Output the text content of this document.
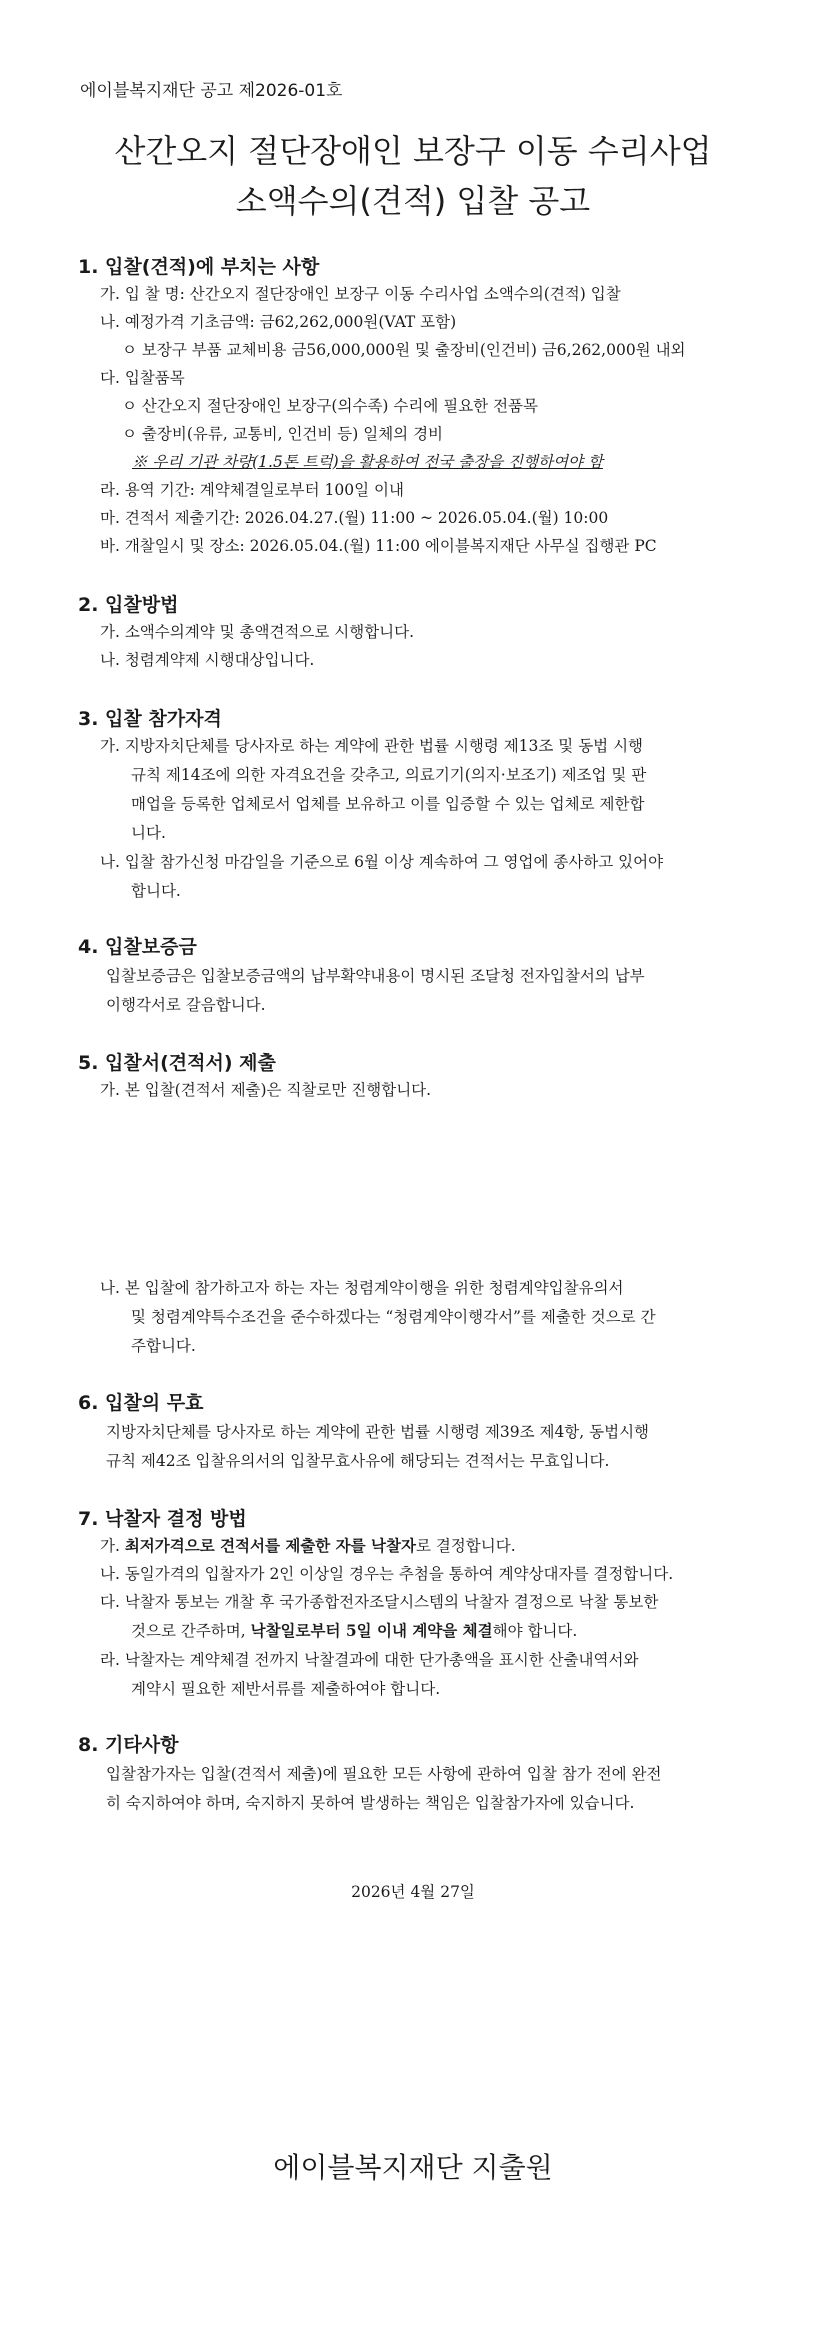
에이블복지재단 공고 제2026-01호
산간오지 절단장애인 보장구 이동 수리사업
소액수의(견적) 입찰 공고
1. 입찰(견적)에 부치는 사항
가. 입 찰 명: 산간오지 절단장애인 보장구 이동 수리사업 소액수의(견적) 입찰
나. 예정가격 기초금액: 금62,262,000원(VAT 포함)
ㅇ 보장구 부품 교체비용 금56,000,000원 및 출장비(인건비) 금6,262,000원 내외
다. 입찰품목
ㅇ 산간오지 절단장애인 보장구(의수족) 수리에 필요한 전품목
ㅇ 출장비(유류, 교통비, 인건비 등) 일체의 경비
※ 우리 기관 차량(1.5톤 트럭)을 활용하여 전국 출장을 진행하여야 함
라. 용역 기간: 계약체결일로부터 100일 이내
마. 견적서 제출기간: 2026.04.27.(월) 11:00 ~ 2026.05.04.(월) 10:00
바. 개찰일시 및 장소: 2026.05.04.(월) 11:00 에이블복지재단 사무실 집행관 PC
2. 입찰방법
가. 소액수의계약 및 총액견적으로 시행합니다.
나. 청렴계약제 시행대상입니다.
3. 입찰 참가자격
가. 지방자치단체를 당사자로 하는 계약에 관한 법률 시행령 제13조 및 동법 시행
규칙 제14조에 의한 자격요건을 갖추고, 의료기기(의지·보조기) 제조업 및 판
매업을 등록한 업체로서 업체를 보유하고 이를 입증할 수 있는 업체로 제한합
니다.
나. 입찰 참가신청 마감일을 기준으로 6월 이상 계속하여 그 영업에 종사하고 있어야
합니다.
4. 입찰보증금
입찰보증금은 입찰보증금액의 납부확약내용이 명시된 조달청 전자입찰서의 납부
이행각서로 갈음합니다.
5. 입찰서(견적서) 제출
가. 본 입찰(견적서 제출)은 직찰로만 진행합니다.
나. 본 입찰에 참가하고자 하는 자는 청렴계약이행을 위한 청렴계약입찰유의서
및 청렴계약특수조건을 준수하겠다는 “청렴계약이행각서”를 제출한 것으로 간
주합니다.
6. 입찰의 무효
지방자치단체를 당사자로 하는 계약에 관한 법률 시행령 제39조 제4항, 동법시행
규칙 제42조 입찰유의서의 입찰무효사유에 해당되는 견적서는 무효입니다.
7. 낙찰자 결정 방법
가. 최저가격으로 견적서를 제출한 자를 낙찰자로 결정합니다.
나. 동일가격의 입찰자가 2인 이상일 경우는 추첨을 통하여 계약상대자를 결정합니다.
다. 낙찰자 통보는 개찰 후 국가종합전자조달시스템의 낙찰자 결정으로 낙찰 통보한
것으로 간주하며, 낙찰일로부터 5일 이내 계약을 체결해야 합니다.
라. 낙찰자는 계약체결 전까지 낙찰결과에 대한 단가총액을 표시한 산출내역서와
계약시 필요한 제반서류를 제출하여야 합니다.
8. 기타사항
입찰참가자는 입찰(견적서 제출)에 필요한 모든 사항에 관하여 입찰 참가 전에 완전
히 숙지하여야 하며, 숙지하지 못하여 발생하는 책임은 입찰참가자에 있습니다.
2026년 4월 27일
에이블복지재단 지출원
